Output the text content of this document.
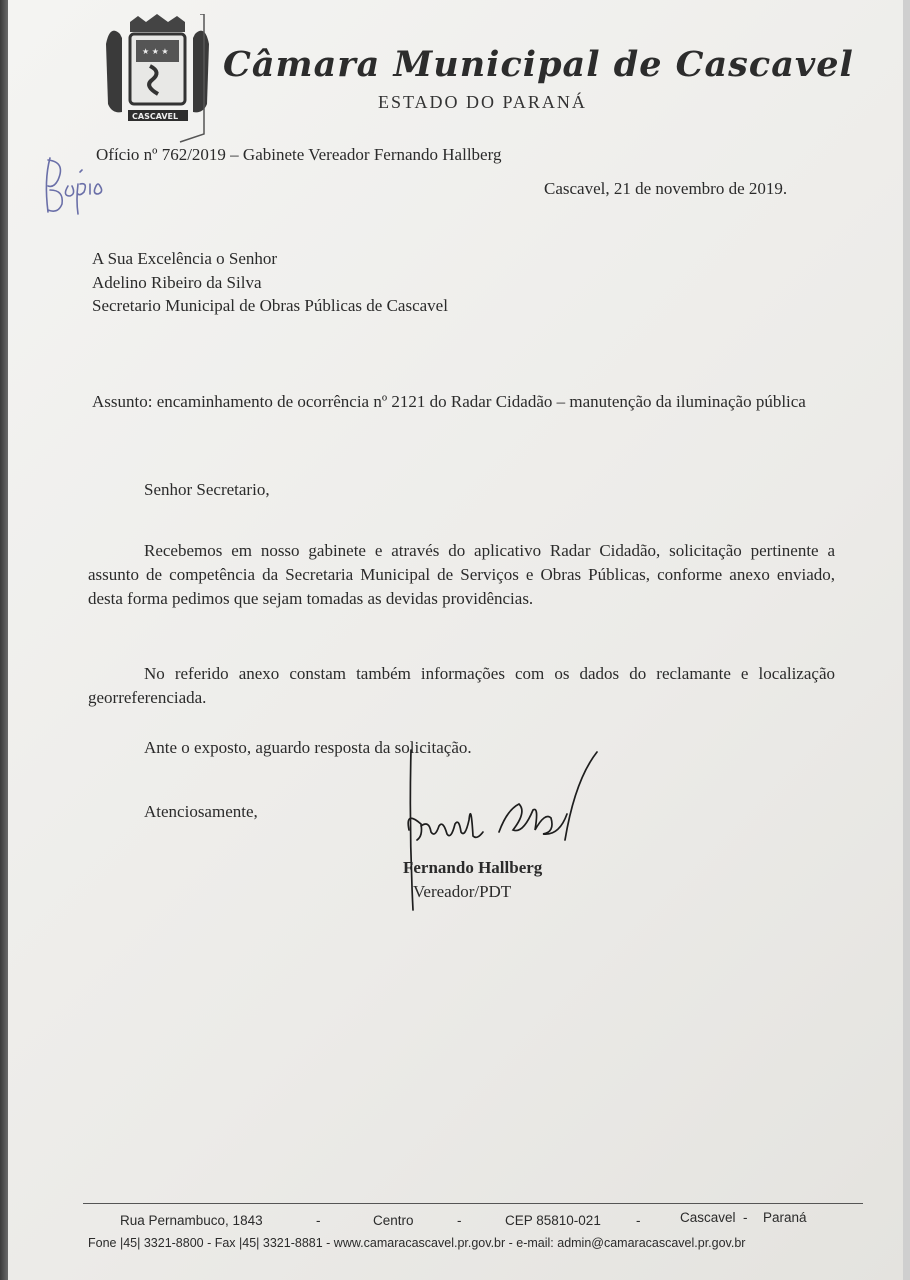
★ ★ ★
CASCAVEL
Câmara Municipal de Cascavel
ESTADO DO PARANÁ
Cópia	Ofício nº 762/2019 – Gabinete Vereador Fernando Hallberg
Cascavel, 21 de novembro de 2019.
A Sua Excelência o Senhor
Adelino Ribeiro da Silva
Secretario Municipal de Obras Públicas de Cascavel
Assunto: encaminhamento de ocorrência nº 2121 do Radar Cidadão – manutenção da iluminação pública
Senhor Secretario,
Recebemos em nosso gabinete e através do aplicativo Radar Cidadão, solicitação pertinente a assunto de competência da Secretaria Municipal de Serviços e Obras Públicas, conforme anexo enviado, desta forma pedimos que sejam tomadas as devidas providências.
No referido anexo constam também informações com os dados do reclamante e localização georreferenciada.
Ante o exposto, aguardo resposta da solicitação.
Atenciosamente,
Fernando Hallberg
Vereador/PDT
Rua Pernambuco, 1843	-	Centro	-	CEP 85810-021	-	Cascavel - Paraná
Fone |45| 3321-8800 - Fax |45| 3321-8881 - www.camaracascavel.pr.gov.br - e-mail: admin@camaracascavel.pr.gov.br
